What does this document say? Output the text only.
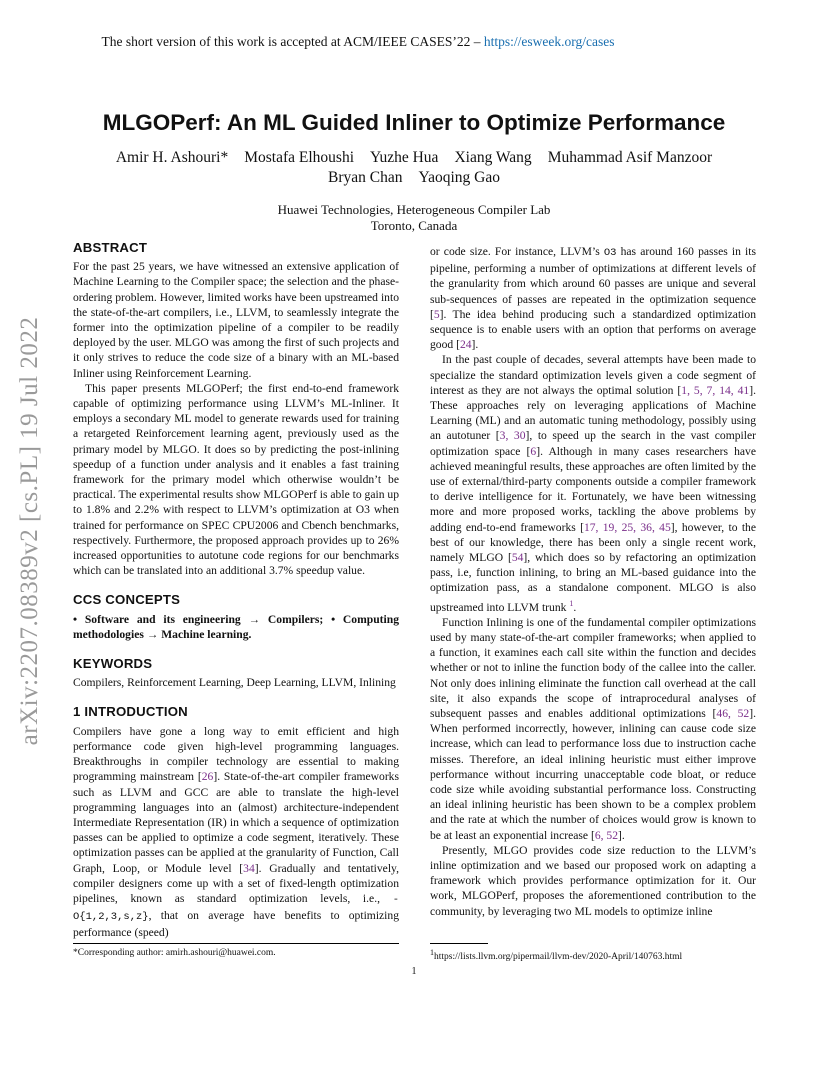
The short version of this work is accepted at ACM/IEEE CASES’22 – https://esweek.org/cases
arXiv:2207.08389v2 [cs.PL] 19 Jul 2022
MLGOPerf: An ML Guided Inliner to Optimize Performance
Amir H. Ashouri* Mostafa Elhoushi Yuzhe Hua Xiang Wang Muhammad Asif Manzoor
Bryan Chan Yaoqing Gao
Huawei Technologies, Heterogeneous Compiler Lab
Toronto, Canada
ABSTRACT

For the past 25 years, we have witnessed an extensive application of Machine Learning to the Compiler space; the selection and the phase-ordering problem. However, limited works have been upstreamed into the state-of-the-art compilers, i.e., LLVM, to seamlessly integrate the former into the optimization pipeline of a compiler to be readily deployed by the user. MLGO was among the first of such projects and it only strives to reduce the code size of a binary with an ML-based Inliner using Reinforcement Learning.

This paper presents MLGOPerf; the first end-to-end framework capable of optimizing performance using LLVM’s ML-Inliner. It employs a secondary ML model to generate rewards used for training a retargeted Reinforcement learning agent, previously used as the primary model by MLGO. It does so by predicting the post-inlining speedup of a function under analysis and it enables a fast training framework for the primary model which otherwise wouldn’t be practical. The experimental results show MLGOPerf is able to gain up to 1.8% and 2.2% with respect to LLVM’s optimization at O3 when trained for performance on SPEC CPU2006 and Cbench benchmarks, respectively. Furthermore, the proposed approach provides up to 26% increased opportunities to autotune code regions for our benchmarks which can be translated into an additional 3.7% speedup value.

CCS CONCEPTS

• Software and its engineering → Compilers; • Computing methodologies → Machine learning.

KEYWORDS

Compilers, Reinforcement Learning, Deep Learning, LLVM, Inlining

1 INTRODUCTION

Compilers have gone a long way to emit efficient and high performance code given high-level programming languages. Breakthroughs in compiler technology are essential to making programming mainstream [26]. State-of-the-art compiler frameworks such as LLVM and GCC are able to translate the high-level programming languages into an (almost) architecture-independent Intermediate Representation (IR) in which a sequence of optimization passes can be applied to optimize a code segment, iteratively. These optimization passes can be applied at the granularity of Function, Call Graph, Loop, or Module level [34]. Gradually and tentatively, compiler designers come up with a set of fixed-length optimization pipelines, known as standard optimization levels, i.e., -O{1,2,3,s,z}, that on average have benefits to optimizing performance (speed)

or code size. For instance, LLVM’s O3 has around 160 passes in its pipeline, performing a number of optimizations at different levels of the granularity from which around 60 passes are unique and several sub-sequences of passes are repeated in the optimization sequence [5]. The idea behind producing such a standardized optimization sequence is to enable users with an option that performs on average good [24].

In the past couple of decades, several attempts have been made to specialize the standard optimization levels given a code segment of interest as they are not always the optimal solution [1, 5, 7, 14, 41]. These approaches rely on leveraging applications of Machine Learning (ML) and an automatic tuning methodology, possibly using an autotuner [3, 30], to speed up the search in the vast compiler optimization space [6]. Although in many cases researchers have achieved meaningful results, these approaches are often limited by the use of external/third-party components outside a compiler framework to derive intelligence for it. Fortunately, we have been witnessing more and more proposed works, tackling the above problems by adding end-to-end frameworks [17, 19, 25, 36, 45], however, to the best of our knowledge, there has been only a single recent work, namely MLGO [54], which does so by refactoring an optimization pass, i.e, function inlining, to bring an ML-based guidance into the optimization pass, as a standalone component. MLGO is also upstreamed into LLVM trunk $^1$.

Function Inlining is one of the fundamental compiler optimizations used by many state-of-the-art compiler frameworks; when applied to a function, it examines each call site within the function and decides whether or not to inline the function body of the callee into the caller. Not only does inlining eliminate the function call overhead at the call site, it also expands the scope of intraprocedural analyses of subsequent passes and enables additional optimizations [46, 52]. When performed incorrectly, however, inlining can cause code size increase, which can lead to performance loss due to instruction cache misses. Therefore, an ideal inlining heuristic must either improve performance without incurring unacceptable code bloat, or reduce code size while avoiding substantial performance loss. Constructing an ideal inlining heuristic has been shown to be a complex problem and the rate at which the number of choices would grow is known to be at least an exponential increase [6, 52].

Presently, MLGO provides code size reduction to the LLVM’s inline optimization and we based our proposed work on adapting a framework which provides performance optimization for it. Our work, MLGOPerf, proposes the aforementioned contribution to the community, by leveraging two ML models to optimize inline

*Corresponding author: amirh.ashouri@huawei.com.	$^1$https://lists.llvm.org/pipermail/llvm-dev/2020-April/140763.html
1
